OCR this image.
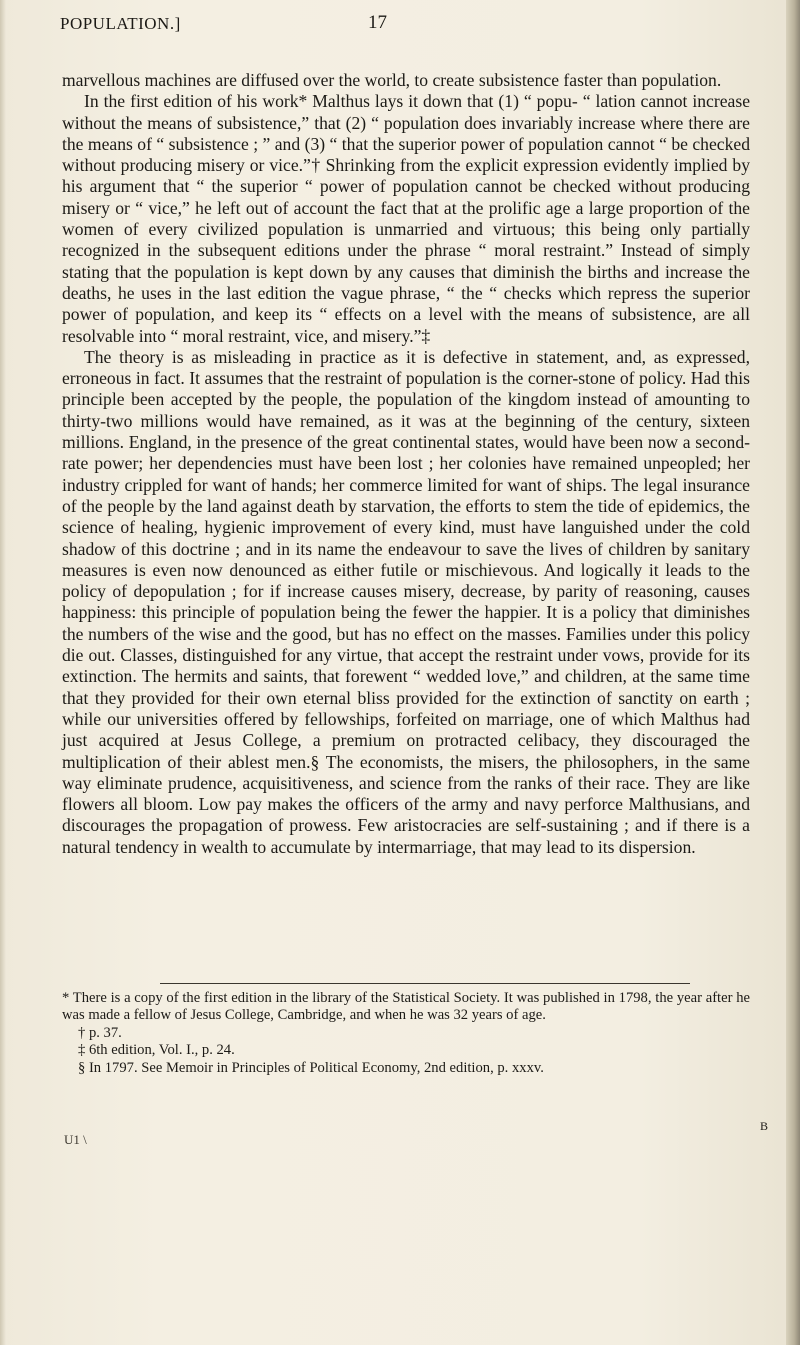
POPULATION.]	17

marvellous machines are diffused over the world, to create subsistence faster than population.

In the first edition of his work* Malthus lays it down that (1) “ popu- “ lation cannot increase without the means of subsistence,” that (2) “ population does invariably increase where there are the means of “ subsistence ; ” and (3) “ that the superior power of population cannot “ be checked without producing misery or vice.”† Shrinking from the explicit expression evidently implied by his argument that “ the superior “ power of population cannot be checked without producing misery or “ vice,” he left out of account the fact that at the prolific age a large proportion of the women of every civilized population is unmarried and virtuous; this being only partially recognized in the subsequent editions under the phrase “ moral restraint.” Instead of simply stating that the population is kept down by any causes that diminish the births and increase the deaths, he uses in the last edition the vague phrase, “ the “ checks which repress the superior power of population, and keep its “ effects on a level with the means of subsistence, are all resolvable into “ moral restraint, vice, and misery.”‡

The theory is as misleading in practice as it is defective in statement, and, as expressed, erroneous in fact. It assumes that the restraint of population is the corner-stone of policy. Had this principle been accepted by the people, the population of the kingdom instead of amounting to thirty-two millions would have remained, as it was at the beginning of the century, sixteen millions. England, in the presence of the great continental states, would have been now a second-rate power; her dependencies must have been lost ; her colonies have remained unpeopled; her industry crippled for want of hands; her commerce limited for want of ships. The legal insurance of the people by the land against death by starvation, the efforts to stem the tide of epidemics, the science of healing, hygienic improvement of every kind, must have languished under the cold shadow of this doctrine ; and in its name the endeavour to save the lives of children by sanitary measures is even now denounced as either futile or mischievous. And logically it leads to the policy of depopulation ; for if increase causes misery, decrease, by parity of reasoning, causes happiness: this principle of population being the fewer the happier. It is a policy that diminishes the numbers of the wise and the good, but has no effect on the masses. Families under this policy die out. Classes, distinguished for any virtue, that accept the restraint under vows, provide for its extinction. The hermits and saints, that forewent “ wedded love,” and children, at the same time that they provided for their own eternal bliss provided for the extinction of sanctity on earth ; while our universities offered by fellowships, forfeited on marriage, one of which Malthus had just acquired at Jesus College, a premium on protracted celibacy, they discouraged the multiplication of their ablest men.§ The economists, the misers, the philosophers, in the same way eliminate prudence, acquisitiveness, and science from the ranks of their race. They are like flowers all bloom. Low pay makes the officers of the army and navy perforce Malthusians, and discourages the propagation of prowess. Few aristocracies are self-sustaining ; and if there is a natural tendency in wealth to accumulate by intermarriage, that may lead to its dispersion.

* There is a copy of the first edition in the library of the Statistical Society. It was published in 1798, the year after he was made a fellow of Jesus College, Cambridge, and when he was 32 years of age.

† p. 37.

‡ 6th edition, Vol. I., p. 24.

§ In 1797. See Memoir in Principles of Political Economy, 2nd edition, p. xxxv.

B
U1 \
